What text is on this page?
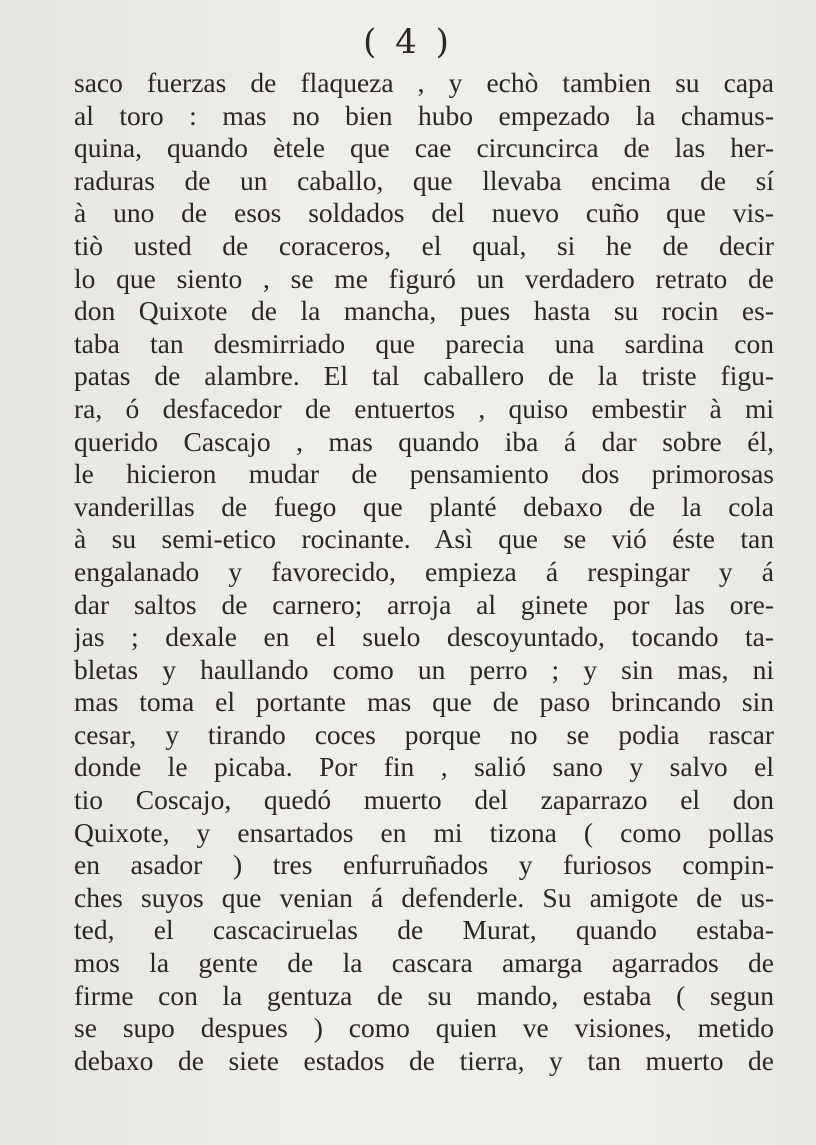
( 4 )
saco fuerzas de flaqueza , y echò tambien su capa
al toro : mas no bien hubo empezado la chamus-
quina, quando ètele que cae circuncirca de las her-
raduras de un caballo, que llevaba encima de sí
à uno de esos soldados del nuevo cuño que vis-
tiò usted de coraceros, el qual, si he de decir
lo que siento , se me figuró un verdadero retrato de
don Quixote de la mancha, pues hasta su rocin es-
taba tan desmirriado que parecia una sardina con
patas de alambre. El tal caballero de la triste figu-
ra, ó desfacedor de entuertos , quiso embestir à mi
querido Cascajo , mas quando iba á dar sobre él,
le hicieron mudar de pensamiento dos primorosas
vanderillas de fuego que planté debaxo de la cola
à su semi-etico rocinante. Asì que se vió éste tan
engalanado y favorecido, empieza á respingar y á
dar saltos de carnero; arroja al ginete por las ore-
jas ; dexale en el suelo descoyuntado, tocando ta-
bletas y haullando como un perro ; y sin mas, ni
mas toma el portante mas que de paso brincando sin
cesar, y tirando coces porque no se podia rascar
donde le picaba. Por fin , salió sano y salvo el
tio Coscajo, quedó muerto del zaparrazo el don
Quixote, y ensartados en mi tizona ( como pollas
en asador ) tres enfurruñados y furiosos compin-
ches suyos que venian á defenderle. Su amigote de us-
ted, el cascaciruelas de Murat, quando estaba-
mos la gente de la cascara amarga agarrados de
firme con la gentuza de su mando, estaba ( segun
se supo despues ) como quien ve visiones, metido
debaxo de siete estados de tierra, y tan muerto de
